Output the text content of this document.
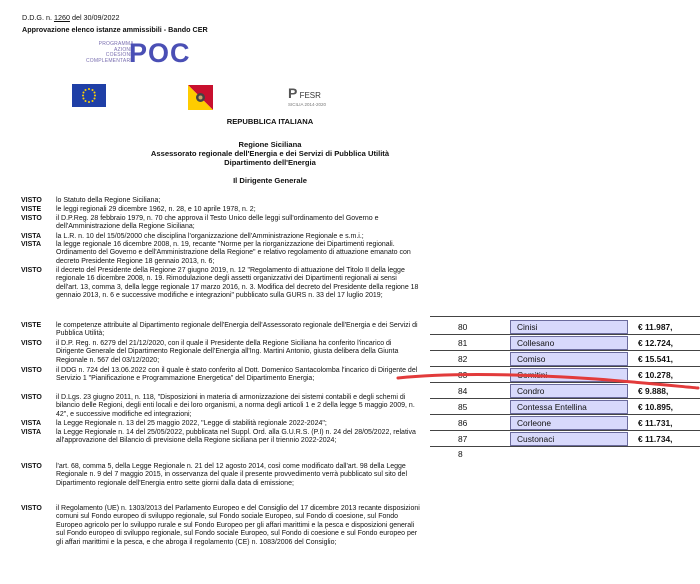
D.D.G. n. 1260 del 30/09/2022
Approvazione elenco istanze ammissibili - Bando CER
PROGRAMMA
AZIONE
COESIONE
COMPLEMENTARE
POC
P FESR
SICILIA 2014-2020
REPUBBLICA ITALIANA
Regione Siciliana
Assessorato regionale dell'Energia e dei Servizi di Pubblica Utilità
Dipartimento dell'Energia
Il Dirigente Generale
VISTO	lo Statuto della Regione Siciliana;
VISTE	le leggi regionali 29 dicembre 1962, n. 28, e 10 aprile 1978, n. 2;
VISTO	il D.P.Reg. 28 febbraio 1979, n. 70 che approva il Testo Unico delle leggi sull'ordinamento del Governo e dell'Amministrazione della Regione Siciliana;
VISTA	la L.R. n. 10 del 15/05/2000 che disciplina l'organizzazione dell'Amministrazione Regionale e s.m.i.;
VISTA	la legge regionale 16 dicembre 2008, n. 19, recante "Norme per la riorganizzazione dei Dipartimenti regionali. Ordinamento del Governo e dell'Amministrazione della Regione" e relativo regolamento di attuazione emanato con decreto Presidente Regione 18 gennaio 2013, n. 6;
VISTO	il decreto del Presidente della Regione 27 giugno 2019, n. 12 "Regolamento di attuazione del Titolo II della legge regionale 16 dicembre 2008, n. 19. Rimodulazione degli assetti organizzativi dei Dipartimenti regionali ai sensi dell'art. 13, comma 3, della legge regionale 17 marzo 2016, n. 3. Modifica del decreto del Presidente della regione 18 gennaio 2013, n. 6 e successive modifiche e integrazioni" pubblicato sulla GURS n. 33 del 17 luglio 2019;
VISTE	le competenze attribuite al Dipartimento regionale dell'Energia dell'Assessorato regionale dell'Energia e dei Servizi di Pubblica Utilità;
VISTO	il D.P. Reg. n. 6279 del 21/12/2020, con il quale il Presidente della Regione Siciliana ha conferito l'incarico di Dirigente Generale del Dipartimento Regionale dell'Energia all'Ing. Martini Antonio, giusta delibera della Giunta Regionale n. 567 del 03/12/2020;
VISTO	il DDG n. 724 del 13.06.2022 con il quale è stato conferito al Dott. Domenico Santacolomba l'incarico di Dirigente del Servizio 1 "Pianificazione e Programmazione Energetica" del Dipartimento Energia;
VISTO	il D.Lgs. 23 giugno 2011, n. 118, "Disposizioni in materia di armonizzazione dei sistemi contabili e degli schemi di bilancio delle Regioni, degli enti locali e dei loro organismi, a norma degli articoli 1 e 2 della legge 5 maggio 2009, n. 42", e successive modifiche ed integrazioni;
VISTA	la Legge Regionale n. 13 del 25 maggio 2022, "Legge di stabilità regionale 2022-2024";
VISTA	la Legge Regionale n. 14 del 25/05/2022, pubblicata nel Suppl. Ord. alla G.U.R.S. (P.I) n. 24 del 28/05/2022, relativa all'approvazione del Bilancio di previsione della Regione siciliana per il triennio 2022-2024;
VISTO	l'art. 68, comma 5, della Legge Regionale n. 21 del 12 agosto 2014, così come modificato dall'art. 98 della Legge Regionale n. 9 del 7 maggio 2015, in osservanza del quale il presente provvedimento verrà pubblicato sul sito del Dipartimento regionale dell'Energia entro sette giorni dalla data di emissione;
VISTO	il Regolamento (UE) n. 1303/2013 del Parlamento Europeo e del Consiglio del 17 dicembre 2013 recante disposizioni comuni sul Fondo europeo di sviluppo regionale, sul Fondo sociale Europeo, sul Fondo di coesione, sul Fondo Europeo agricolo per lo sviluppo rurale e sul Fondo Europeo per gli affari marittimi e la pesca e disposizioni generali sul Fondo europeo di sviluppo regionale, sul Fondo sociale Europeo, sul Fondo di coesione e sul Fondo europeo per gli affari marittimi e la pesca, e che abroga il regolamento (CE) n. 1083/2006 del Consiglio;
80	Cinisi	€ 11.987,
81	Collesano	€ 12.724,
82	Comiso	€ 15.541,
83	Comitini	€ 10.278,
84	Condro	€ 9.888,
85	Contessa Entellina	€ 10.895,
86	Corleone	€ 11.731,
87	Custonaci	€ 11.734,
8
